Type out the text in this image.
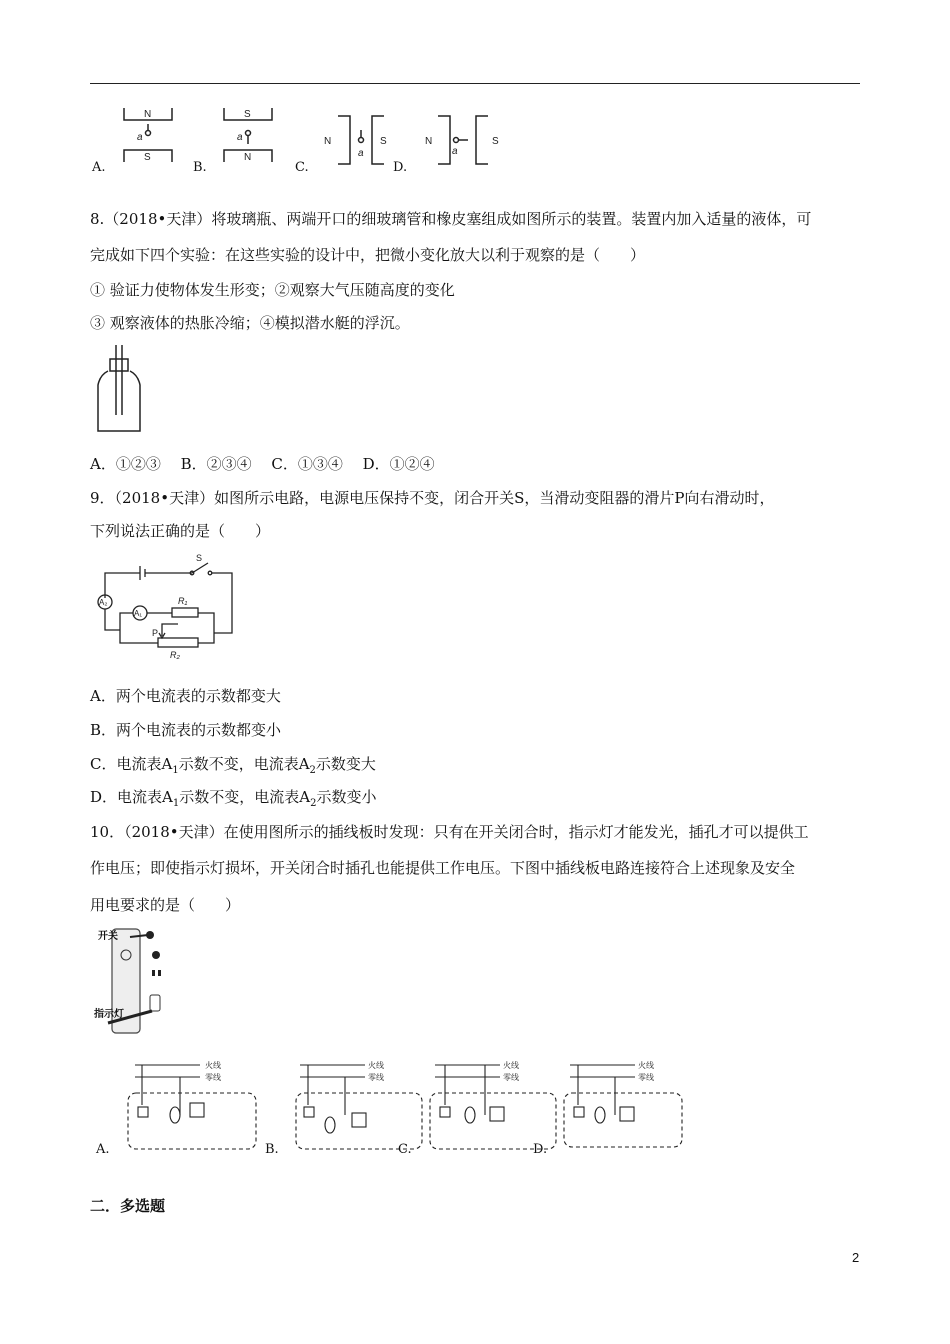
N
S
a
S
N
a	N	S
a
N	S
a
A.	B.	C.	D.
8.（2018•天津）将玻璃瓶、两端开口的细玻璃管和橡皮塞组成如图所示的装置。装置内加入适量的液体，可
完成如下四个实验：在这些实验的设计中，把微小变化放大以利于观察的是（　　）
① 验证力使物体发生形变；②观察大气压随高度的变化
③ 观察液体的热胀冷缩；④模拟潜水艇的浮沉。
A．①②③　 B．②③④　 C．①③④　 D．①②④
9．（2018•天津）如图所示电路，电源电压保持不变，闭合开关S，当滑动变阻器的滑片P向右滑动时，
下列说法正确的是（　　）
S
A₂
A₁
R₁
P
R₂
A．两个电流表的示数都变大
B．两个电流表的示数都变小
C．电流表$A_1$示数不变，电流表$A_2$示数变大
D．电流表$A_1$示数不变，电流表$A_2$示数变小
10．（2018•天津）在使用图所示的插线板时发现：只有在开关闭合时，指示灯才能发光，插孔才可以提供工
作电压；即使指示灯损坏，开关闭合时插孔也能提供工作电压。下图中插线板电路连接符合上述现象及安全
用电要求的是（　　）
开关
指示灯
火线
零线
火线
零线
火线
零线
火线
零线
A.	B.	C.	D.
二．多选题
2
